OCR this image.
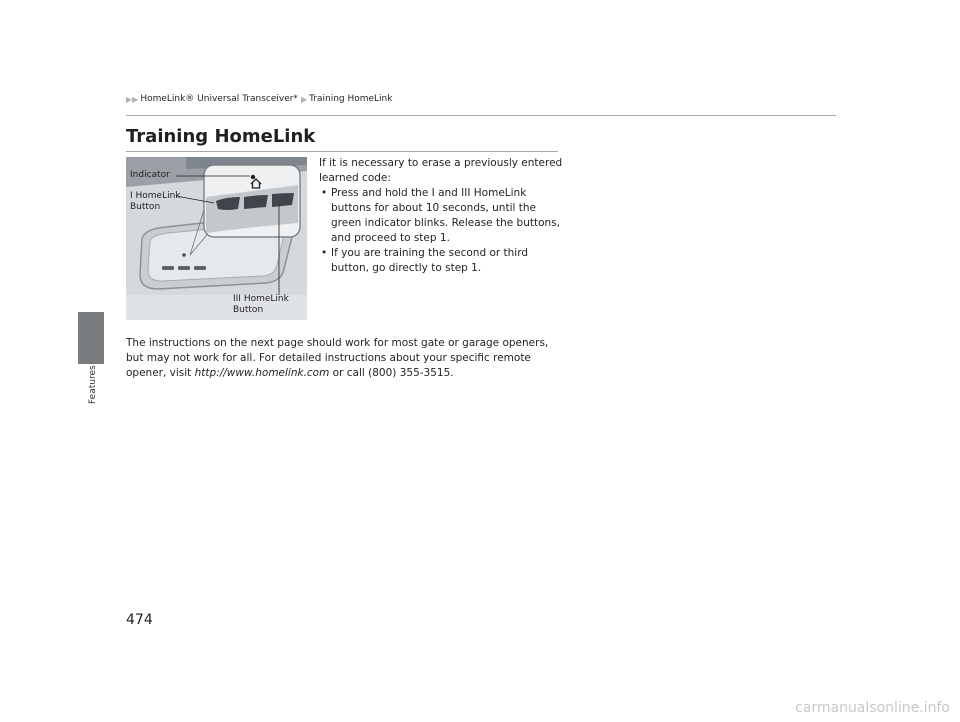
Features
▶▶ HomeLink® Universal Transceiver* ▶ Training HomeLink
Training HomeLink
Indicator
I HomeLink
Button
III HomeLink
Button

If it is necessary to erase a previously entered learned code:

• Press and hold the I and III HomeLink buttons for about 10 seconds, until the green indicator blinks. Release the buttons, and proceed to step 1.
• If you are training the second or third button, go directly to step 1.

The instructions on the next page should work for most gate or garage openers, but may not work for all. For detailed instructions about your specific remote opener, visit http://www.homelink.com or call (800) 355-3515.

474
carmanualsonline.info
